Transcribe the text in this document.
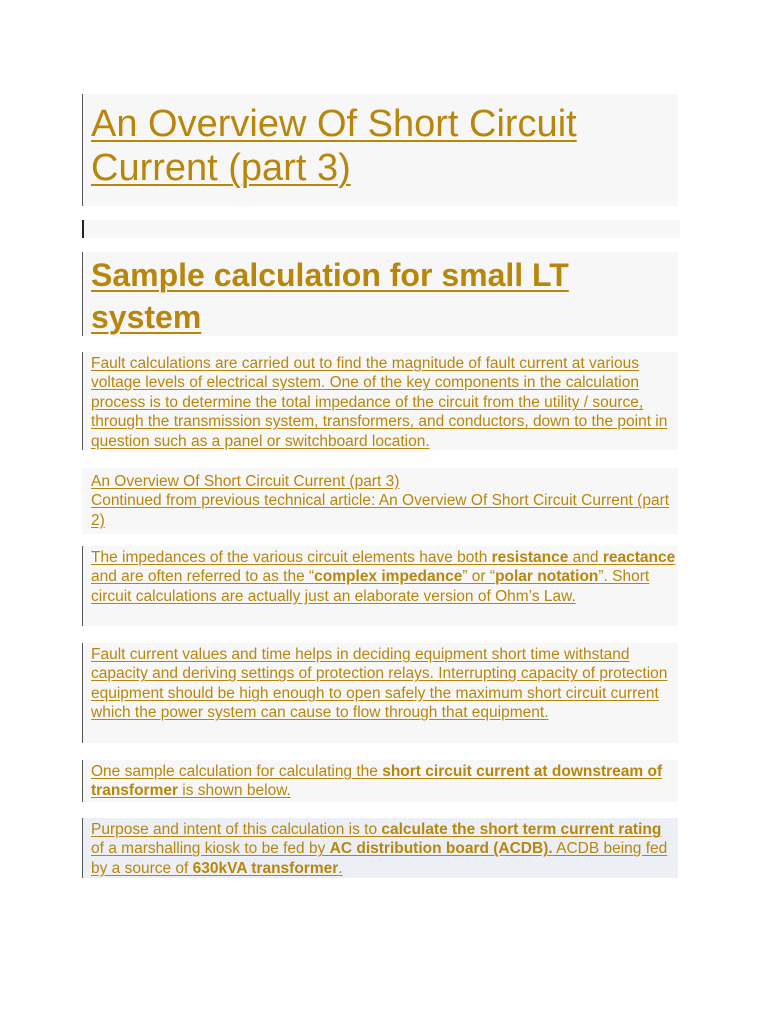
An Overview Of Short Circuit Current (part 3)
Sample calculation for small LT system
Fault calculations are carried out to find the magnitude of fault current at various voltage levels of electrical system. One of the key components in the calculation process is to determine the total impedance of the circuit from the utility / source, through the transmission system, transformers, and conductors, down to the point in question such as a panel or switchboard location.
An Overview Of Short Circuit Current (part 3)
Continued from previous technical article: An Overview Of Short Circuit Current (part 2)
The impedances of the various circuit elements have both resistance and reactance and are often referred to as the “complex impedance” or “polar notation”. Short circuit calculations are actually just an elaborate version of Ohm’s Law.
Fault current values and time helps in deciding equipment short time withstand capacity and deriving settings of protection relays. Interrupting capacity of protection equipment should be high enough to open safely the maximum short circuit current which the power system can cause to flow through that equipment.
One sample calculation for calculating the short circuit current at downstream of transformer is shown below.
Purpose and intent of this calculation is to calculate the short term current rating of a marshalling kiosk to be fed by AC distribution board (ACDB). ACDB being fed by a source of 630kVA transformer.
